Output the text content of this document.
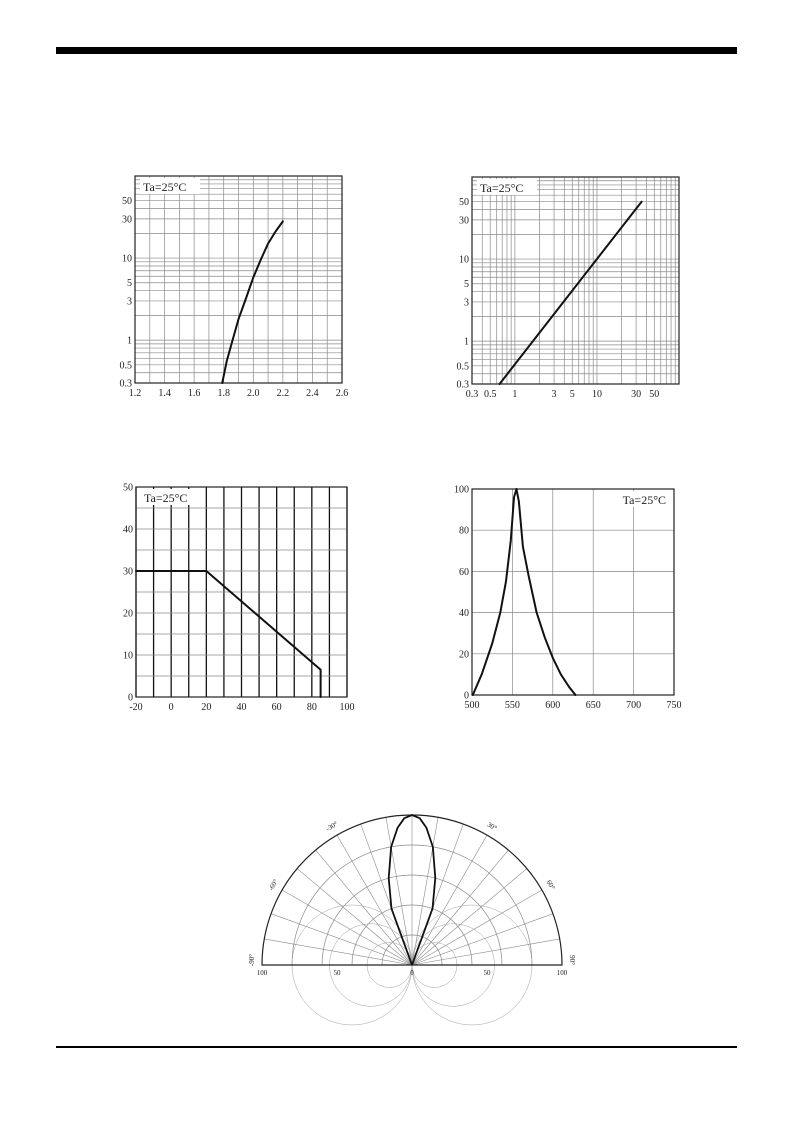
1.2 1.4 1.6 1.8 2.0 2.2 2.4 2.6
0.3
0.5
1
3
5
10
30
50
Ta=25°C
0.3 0.5 1	3 5 10	30 50
0.3
0.5
1
3
5
10
30
50
Ta=25°C
-20	0	20	40	60	80 100
0
10
20
30
40
50
Ta=25°C
500	550	600	650	700	750
0
20
40
60
80
100
Ta=25°C
100	50	0	50	100
-90°
-60°
-30°	30°
60°
90°
